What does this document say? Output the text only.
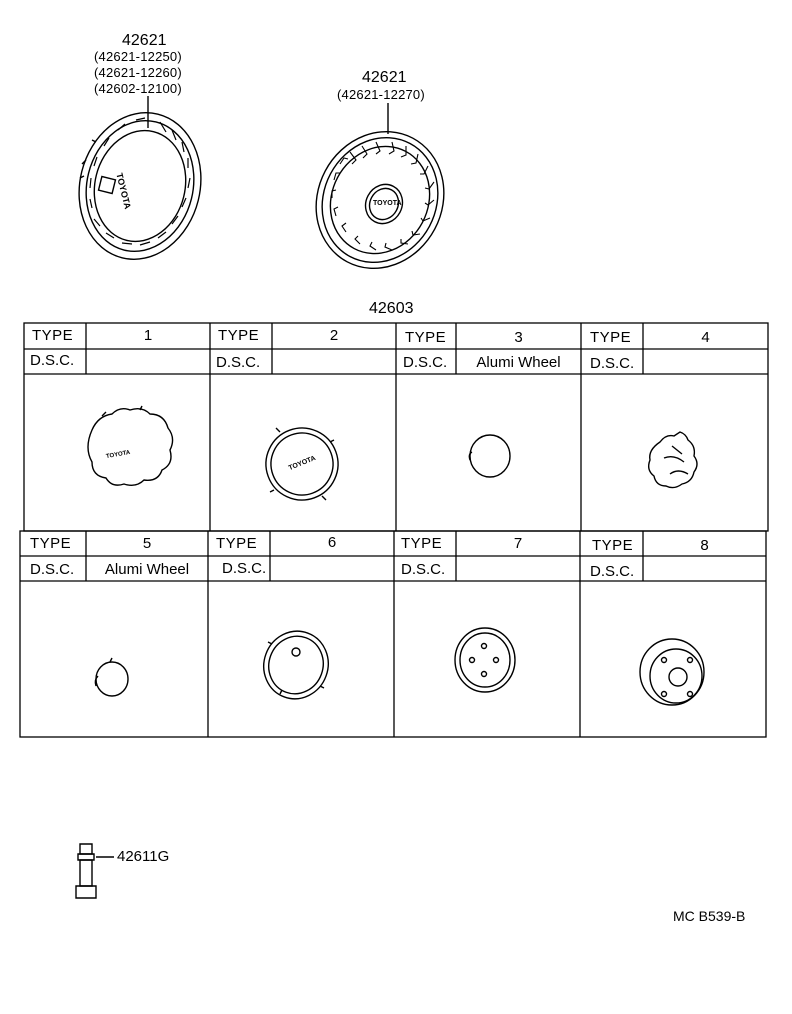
42621
(42621-12250)
(42621-12260)
(42602-12100)
TOYOTA
42621
(42621-12270)
TOYOTA
42603
TYPE	1
D.S.C.
TYPE	2
D.S.C.
TYPE	3
D.S.C.	Alumi Wheel
TYPE	4
D.S.C.
TYPE	5
D.S.C.	Alumi Wheel
TYPE	6
D.S.C.
TYPE	7
D.S.C.
TYPE	8
D.S.C.
TOYOTA	TOYOTA
42611G
MC B539-B
